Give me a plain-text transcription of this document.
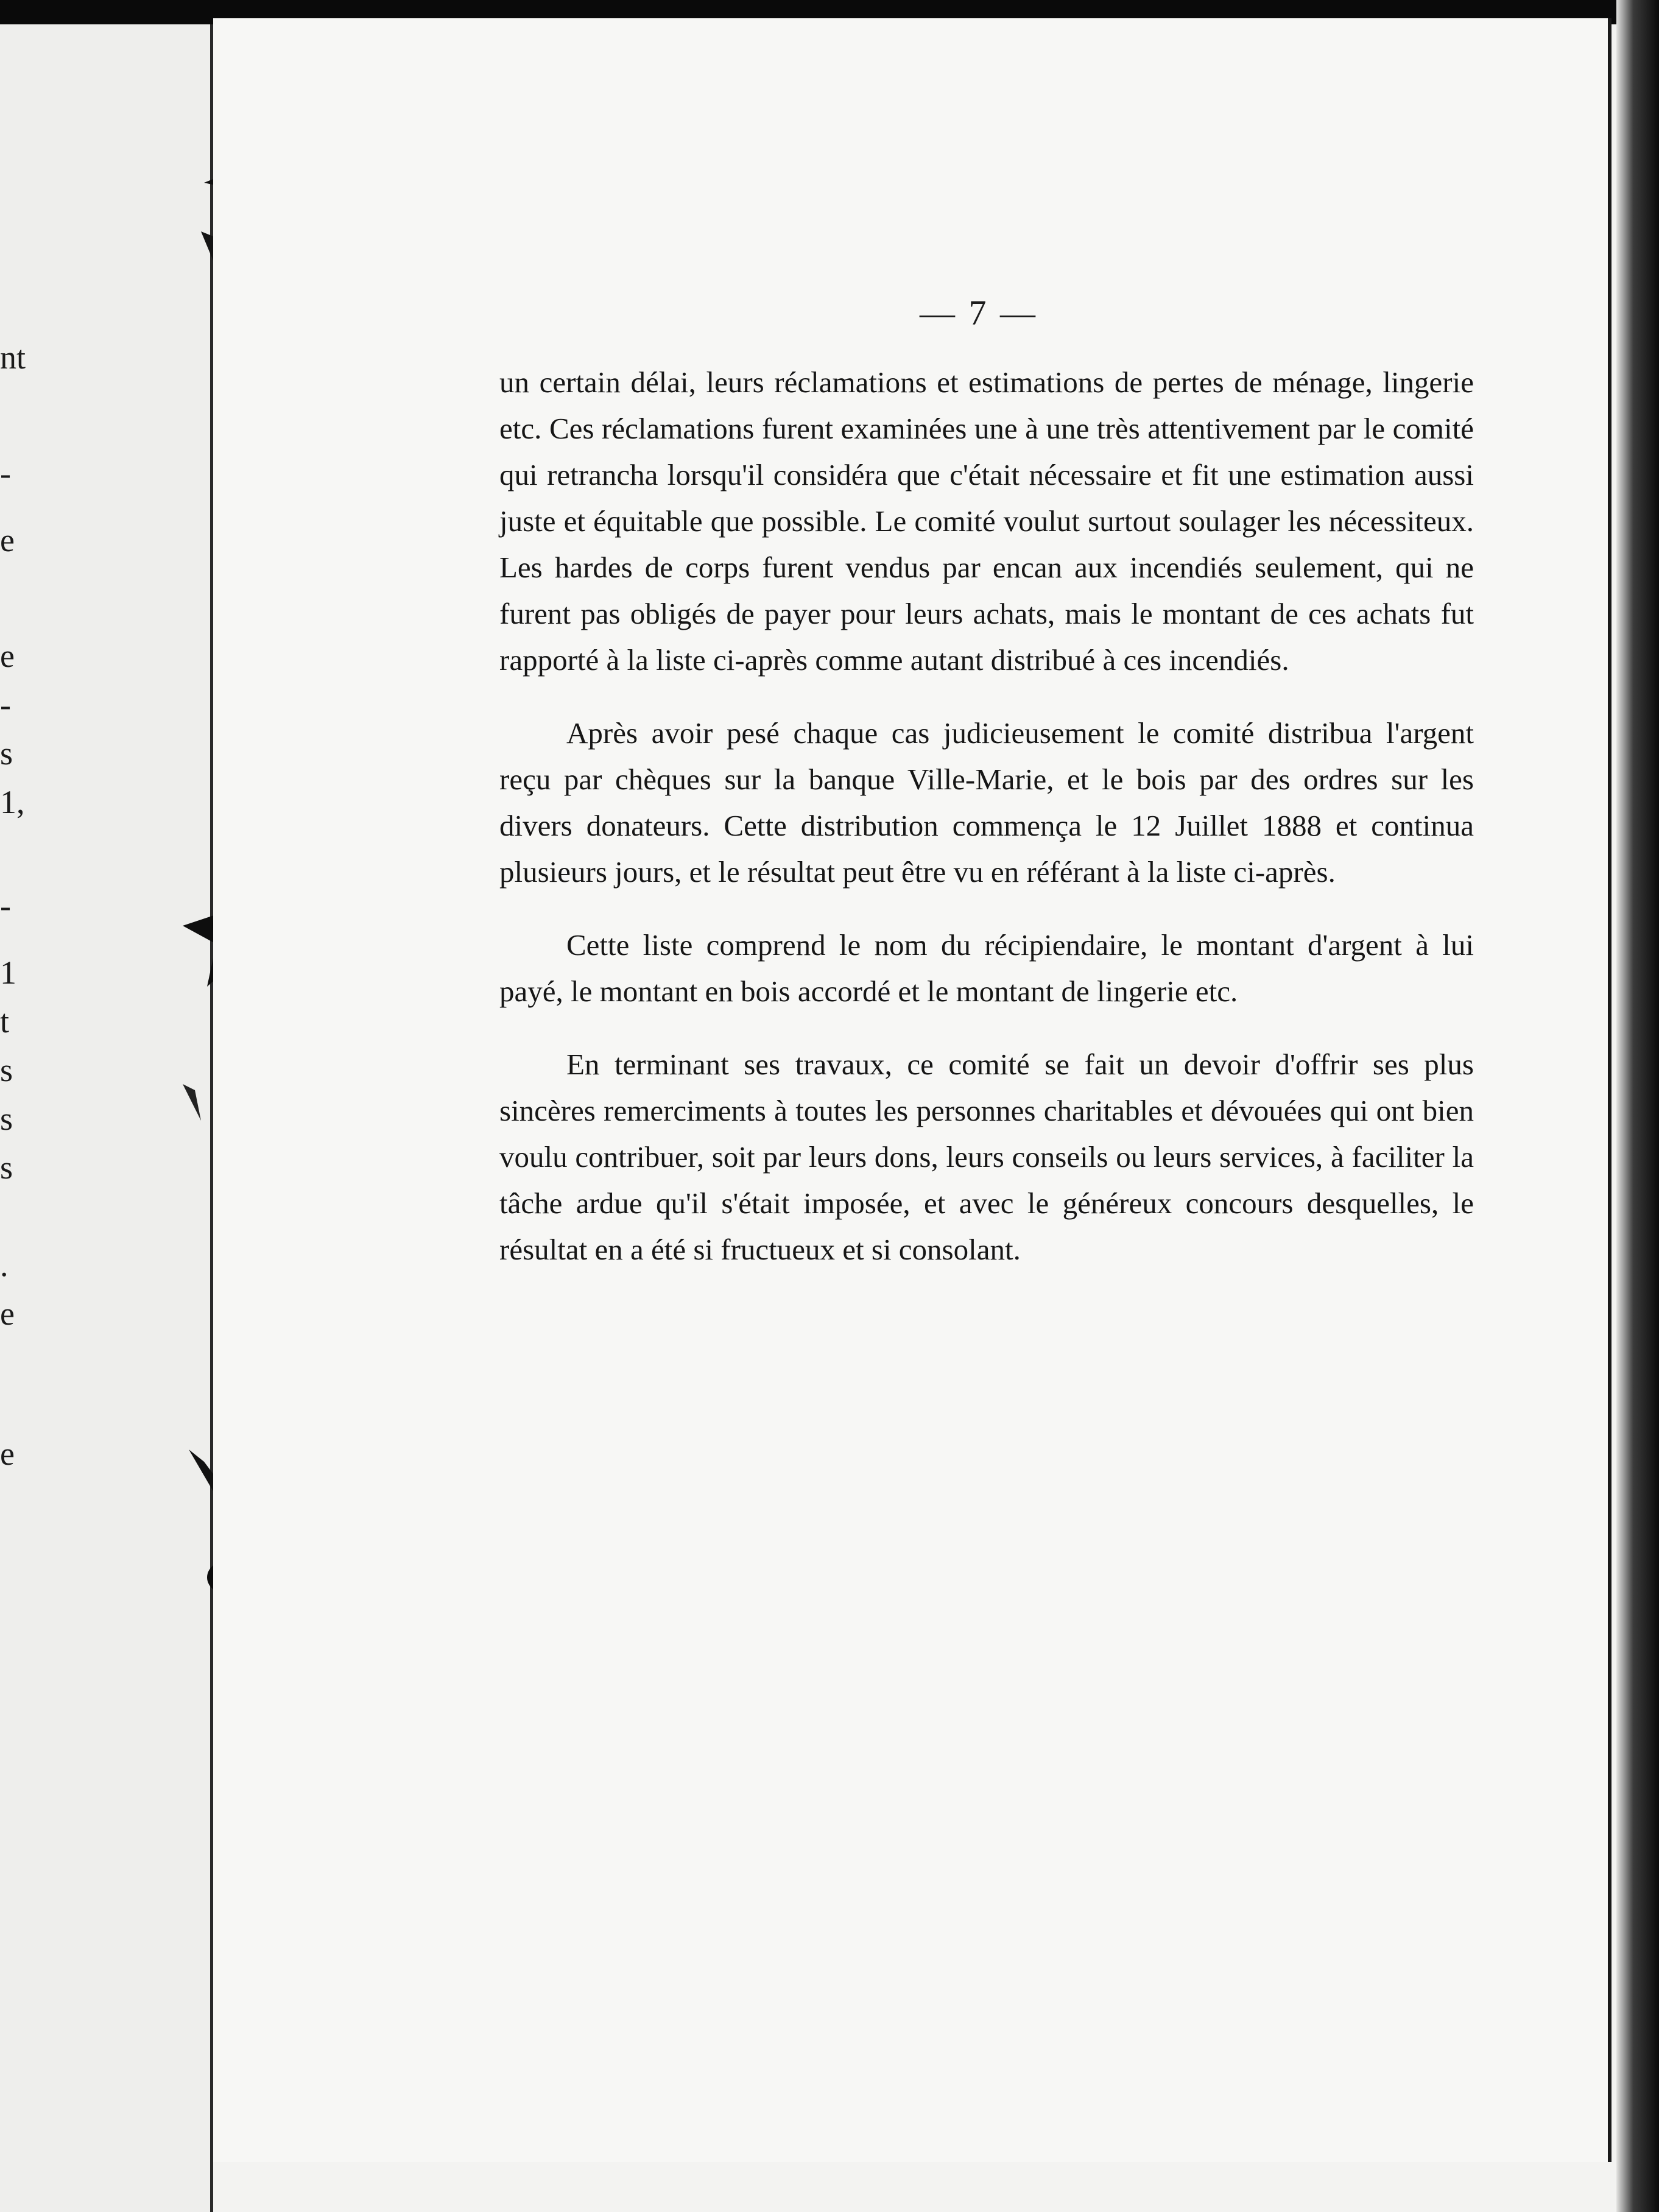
nt
-
e
e
-
s
1,
-
1
t
s
s
s
.
e
e
— 7 —

un certain délai, leurs réclamations et estimations de pertes de ménage, lingerie etc. Ces réclamations furent examinées une à une très attentivement par le comité qui retrancha lorsqu'il considéra que c'était nécessaire et fit une estimation aussi juste et équitable que possible. Le comité voulut surtout soulager les nécessiteux. Les hardes de corps furent vendus par encan aux incendiés seulement, qui ne furent pas obligés de payer pour leurs achats, mais le montant de ces achats fut rapporté à la liste ci-après comme autant distribué à ces incendiés.

Après avoir pesé chaque cas judicieusement le comité distribua l'argent reçu par chèques sur la banque Ville-Marie, et le bois par des ordres sur les divers donateurs. Cette distribution commença le 12 Juillet 1888 et continua plusieurs jours, et le résultat peut être vu en référant à la liste ci-après.

Cette liste comprend le nom du récipiendaire, le montant d'argent à lui payé, le montant en bois accordé et le montant de lingerie etc.

En terminant ses travaux, ce comité se fait un devoir d'offrir ses plus sincères remerciments à toutes les personnes charitables et dévouées qui ont bien voulu contribuer, soit par leurs dons, leurs conseils ou leurs services, à faciliter la tâche ardue qu'il s'était imposée, et avec le généreux concours desquelles, le résultat en a été si fructueux et si consolant.
